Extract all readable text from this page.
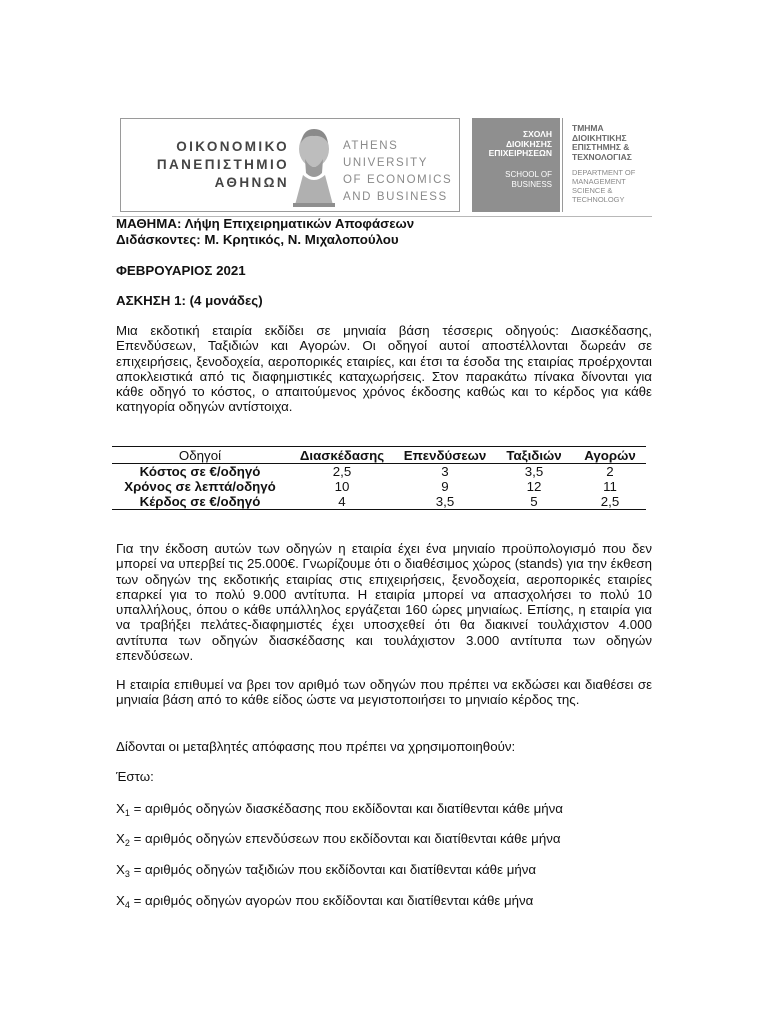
ΟΙΚΟΝΟΜΙΚΟ
ΠΑΝΕΠΙΣΤΗΜΙΟ
ΑΘΗΝΩΝ
ATHENS UNIVERSITY
OF ECONOMICS
AND BUSINESS
ΣΧΟΛΗ
ΔΙΟΙΚΗΣΗΣ
ΕΠΙΧΕΙΡΗΣΕΩΝ
SCHOOL OF
BUSINESS
ΤΜΗΜΑ
ΔΙΟΙΚΗΤΙΚΗΣ
ΕΠΙΣΤΗΜΗΣ &
ΤΕΧΝΟΛΟΓΙΑΣ
DEPARTMENT OF
MANAGEMENT
SCIENCE &
TECHNOLOGY
ΜΑΘΗΜΑ: Λήψη Επιχειρηματικών Αποφάσεων
Διδάσκοντες: Μ. Κρητικός, Ν. Μιχαλοπούλου
ΦΕΒΡΟΥΑΡΙΟΣ 2021
ΑΣΚΗΣΗ 1: (4 μονάδες)
Μια εκδοτική εταιρία εκδίδει σε μηνιαία βάση τέσσερις οδηγούς: Διασκέδασης, Επενδύσεων, Ταξιδιών και Αγορών. Οι οδηγοί αυτοί αποστέλλονται δωρεάν σε επιχειρήσεις, ξενοδοχεία, αεροπορικές εταιρίες, και έτσι τα έσοδα της εταιρίας προέρχονται αποκλειστικά από τις διαφημιστικές καταχωρήσεις. Στον παρακάτω πίνακα δίνονται για κάθε οδηγό το κόστος, ο απαιτούμενος χρόνος έκδοσης καθώς και το κέρδος για κάθε κατηγορία οδηγών αντίστοιχα.
Οδηγοί	Διασκέδασης	Επενδύσεων	Ταξιδιών	Αγορών
Κόστος σε €/οδηγό	2,5	3	3,5	2
Χρόνος σε λεπτά/οδηγό	10	9	12	11
Κέρδος σε €/οδηγό	4	3,5	5	2,5
Για την έκδοση αυτών των οδηγών η εταιρία έχει ένα μηνιαίο προϋπολογισμό που δεν μπορεί να υπερβεί τις 25.000€. Γνωρίζουμε ότι ο διαθέσιμος χώρος (stands) για την έκθεση των οδηγών της εκδοτικής εταιρίας στις επιχειρήσεις, ξενοδοχεία, αεροπορικές εταιρίες επαρκεί για το πολύ 9.000 αντίτυπα. Η εταιρία μπορεί να απασχολήσει το πολύ 10 υπαλλήλους, όπου ο κάθε υπάλληλος εργάζεται 160 ώρες μηνιαίως. Επίσης, η εταιρία για να τραβήξει πελάτες-διαφημιστές έχει υποσχεθεί ότι θα διακινεί τουλάχιστον 4.000 αντίτυπα των οδηγών διασκέδασης και τουλάχιστον 3.000 αντίτυπα των οδηγών επενδύσεων.
Η εταιρία επιθυμεί να βρει τον αριθμό των οδηγών που πρέπει να εκδώσει και διαθέσει σε μηνιαία βάση από το κάθε είδος ώστε να μεγιστοποιήσει το μηνιαίο κέρδος της.
Δίδονται οι μεταβλητές απόφασης που πρέπει να χρησιμοποιηθούν:
Έστω:
$X_1 = \alpha\rho\iota\theta\mu ό\varsigma$ οδηγών διασκέδασης που εκδίδονται και διατίθενται κάθε μήνα
$X_2 = \alpha\rho\iota\theta\mu ό\varsigma$ οδηγών επενδύσεων που εκδίδονται και διατίθενται κάθε μήνα
$X_3 = \alpha\rho\iota\theta\mu ό\varsigma$ οδηγών ταξιδιών που εκδίδονται και διατίθενται κάθε μήνα
$X_4 = \alpha\rho\iota\theta\mu ό\varsigma$ οδηγών αγορών που εκδίδονται και διατίθενται κάθε μήνα
